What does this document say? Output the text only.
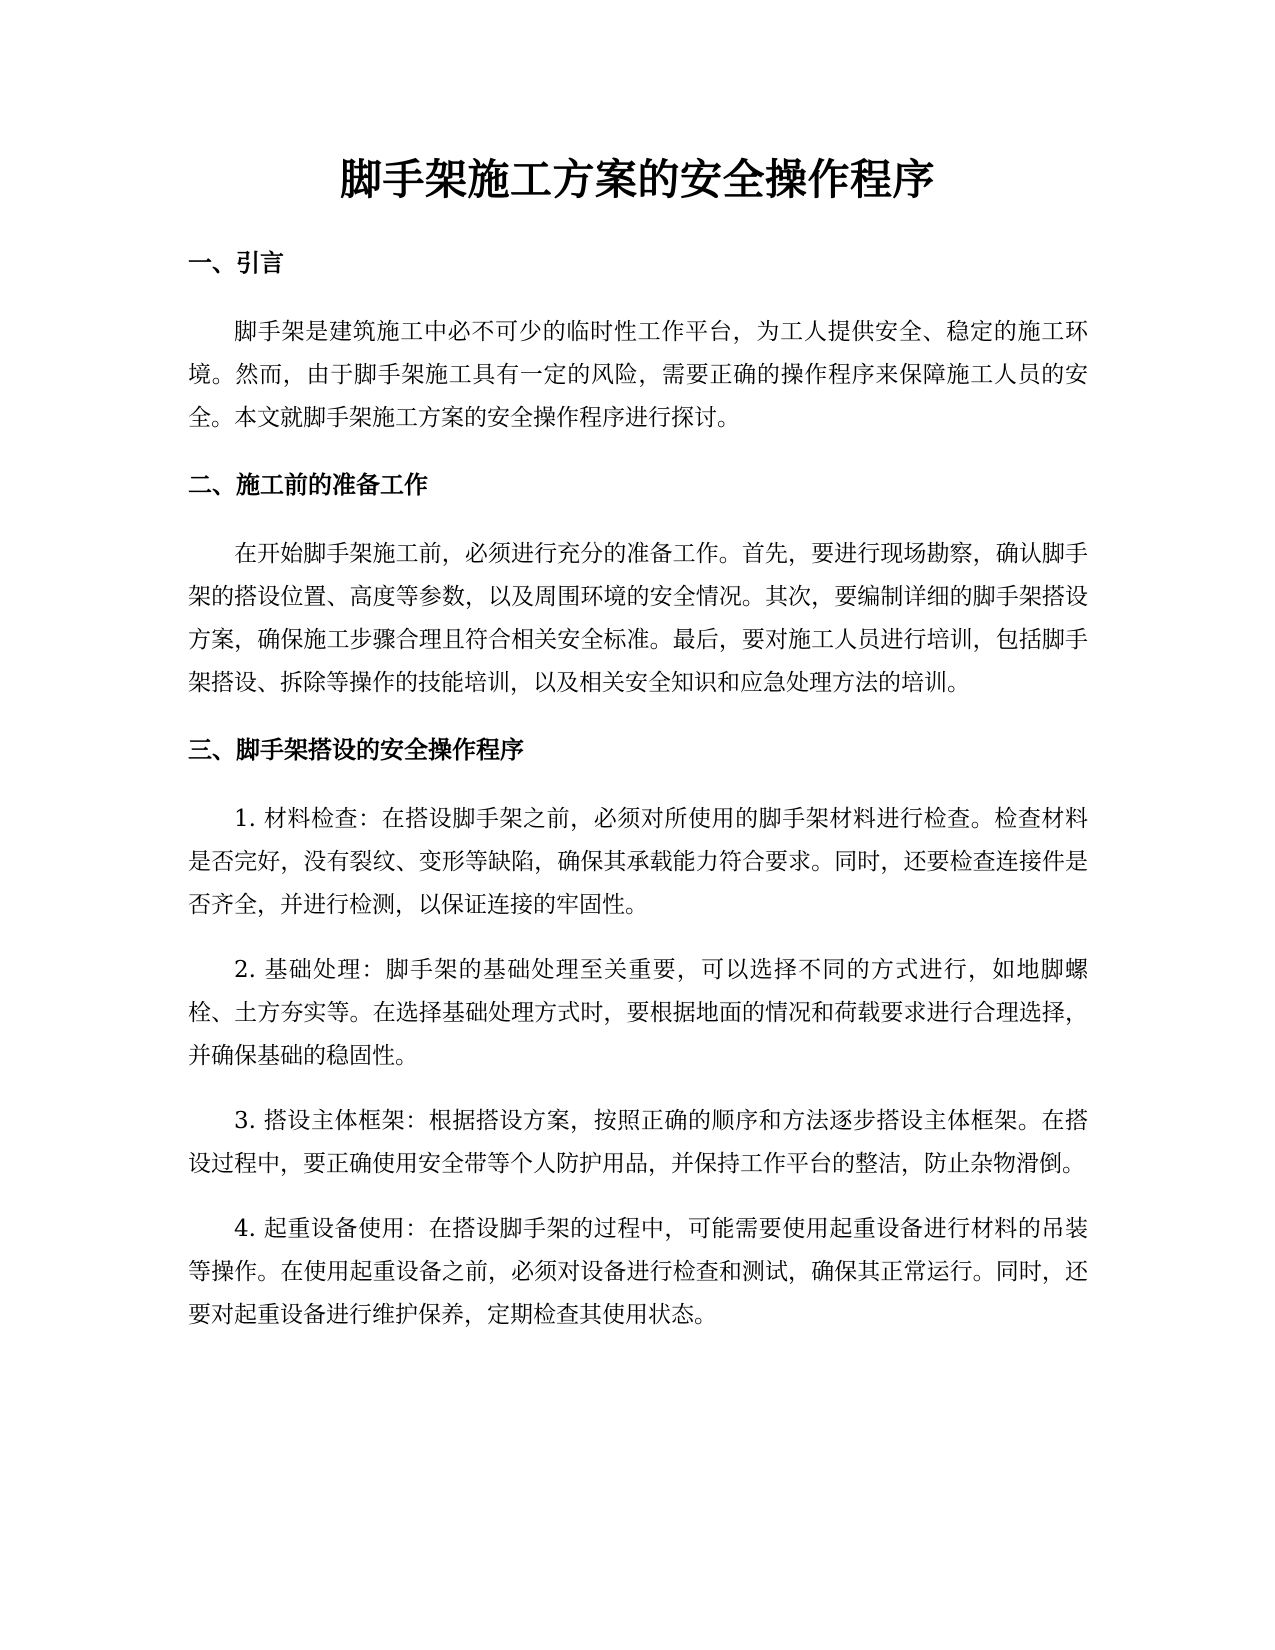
脚手架施工方案的安全操作程序
一、引言

脚手架是建筑施工中必不可少的临时性工作平台，为工人提供安全、稳定的施工环境。然而，由于脚手架施工具有一定的风险，需要正确的操作程序来保障施工人员的安全。本文就脚手架施工方案的安全操作程序进行探讨。

二、施工前的准备工作

在开始脚手架施工前，必须进行充分的准备工作。首先，要进行现场勘察，确认脚手架的搭设位置、高度等参数，以及周围环境的安全情况。其次，要编制详细的脚手架搭设方案，确保施工步骤合理且符合相关安全标准。最后，要对施工人员进行培训，包括脚手架搭设、拆除等操作的技能培训，以及相关安全知识和应急处理方法的培训。

三、脚手架搭设的安全操作程序

1. 材料检查：在搭设脚手架之前，必须对所使用的脚手架材料进行检查。检查材料是否完好，没有裂纹、变形等缺陷，确保其承载能力符合要求。同时，还要检查连接件是否齐全，并进行检测，以保证连接的牢固性。

2. 基础处理：脚手架的基础处理至关重要，可以选择不同的方式进行，如地脚螺栓、土方夯实等。在选择基础处理方式时，要根据地面的情况和荷载要求进行合理选择，并确保基础的稳固性。

3. 搭设主体框架：根据搭设方案，按照正确的顺序和方法逐步搭设主体框架。在搭设过程中，要正确使用安全带等个人防护用品，并保持工作平台的整洁，防止杂物滑倒。

4. 起重设备使用：在搭设脚手架的过程中，可能需要使用起重设备进行材料的吊装等操作。在使用起重设备之前，必须对设备进行检查和测试，确保其正常运行。同时，还要对起重设备进行维护保养，定期检查其使用状态。
